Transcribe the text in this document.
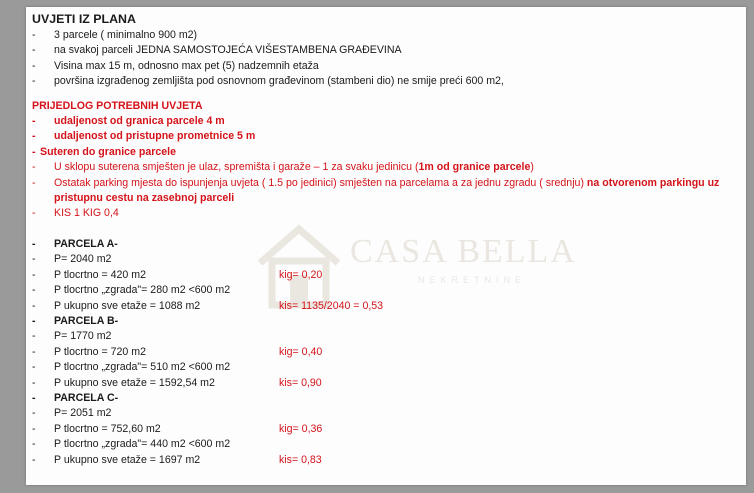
CASA BELLA
NEKRETNINE
UVJETI IZ PLANA
-	3 parcele ( minimalno 900 m2)
-	na svakoj parceli JEDNA SAMOSTOJEĆA VIŠESTAMBENA GRAĐEVINA
-	Visina max 15 m, odnosno max pet (5) nadzemnih etaža
-	površina izgrađenog zemljišta pod osnovnom građevinom (stambeni dio) ne smije preći 600 m2,
PRIJEDLOG POTREBNIH UVJETA
-	udaljenost od granica parcele 4 m
-	udaljenost od pristupne prometnice 5 m
- Suteren do granice parcele
-	U sklopu suterena smješten je ulaz, spremišta i garaže – 1 za svaku jedinicu (1m od granice parcele)
-	Ostatak parking mjesta do ispunjenja uvjeta ( 1.5 po jedinici) smješten na parcelama a za jednu zgradu ( srednju) na otvorenom parkingu uz pristupnu cestu na zasebnoj parceli
-	KIS 1 KIG 0,4
-	PARCELA A-
-	P= 2040 m2
-	P tlocrtno = 420 m2	kig= 0,20
-	P tlocrtno „zgrada"= 280 m2 <600 m2
-	P ukupno sve etaže = 1088 m2	kis= 1135/2040 = 0,53
-	PARCELA B-
-	P= 1770 m2
-	P tlocrtno = 720 m2	kig= 0,40
-	P tlocrtno „zgrada"= 510 m2 <600 m2
-	P ukupno sve etaže = 1592,54 m2	kis= 0,90
-	PARCELA C-
-	P= 2051 m2
-	P tlocrtno = 752,60 m2	kig= 0,36
-	P tlocrtno „zgrada"= 440 m2 <600 m2
-	P ukupno sve etaže = 1697 m2	kis= 0,83
